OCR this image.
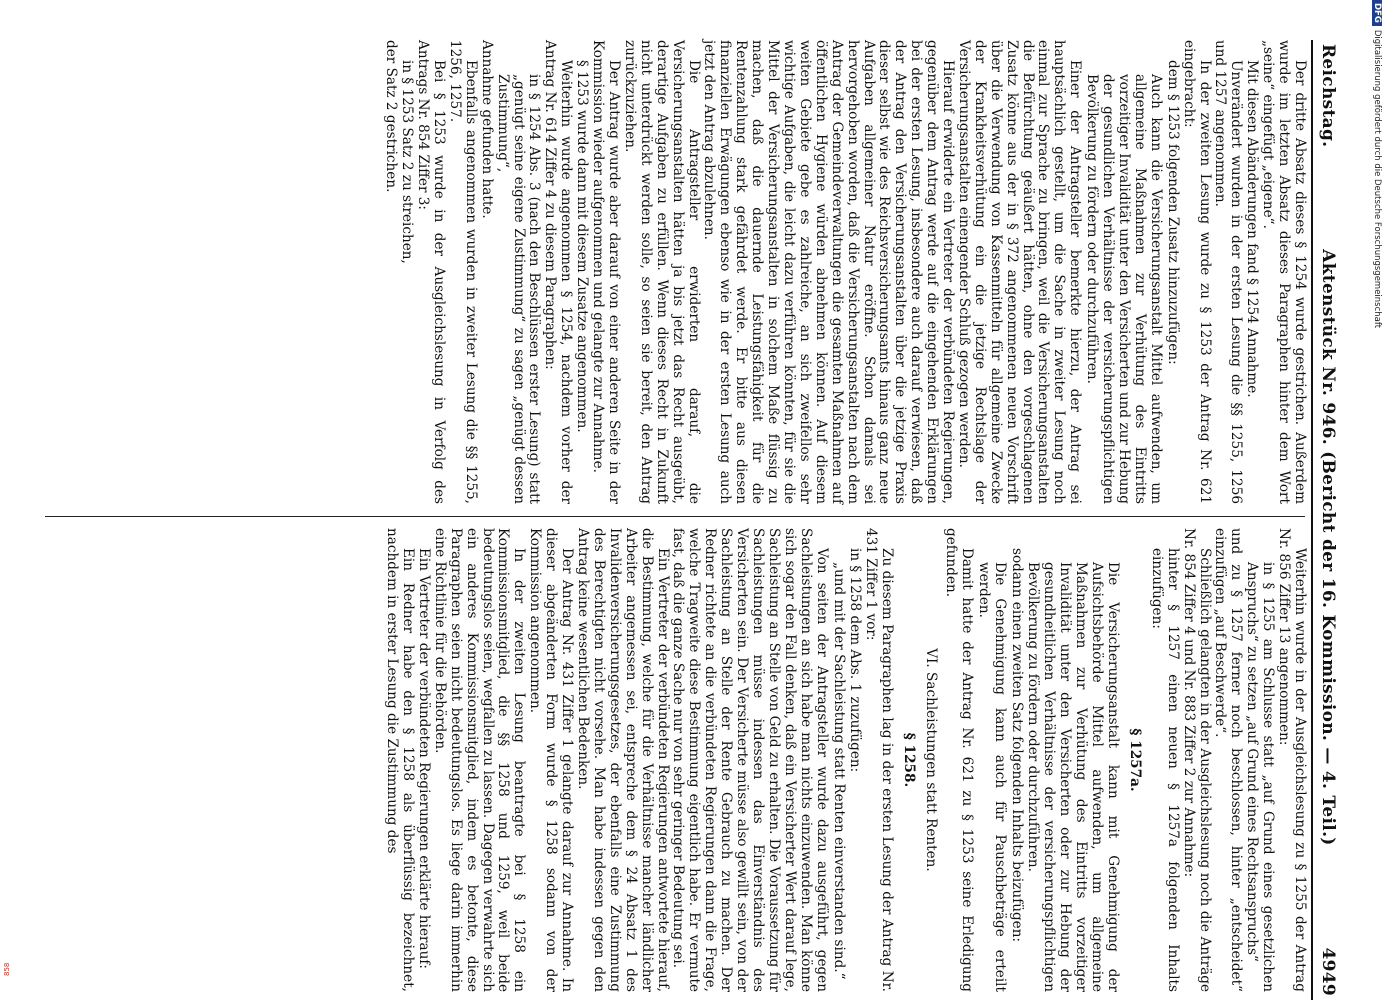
Reichstag.
Aktenstück Nr. 946. (Bericht der 16. Kommission. — 4. Teil.)
4949

Der dritte Absatz dieses § 1254 wurde gestrichen. Außerdem wurde im letzten Absatz dieses Paragraphen hinter dem Wort „seine“ eingefügt „eigene“.

Mit diesen Abänderungen fand § 1254 Annahme.

Unverändert wurden in der ersten Lesung die §§ 1255, 1256 und 1257 angenommen.

In der zweiten Lesung wurde zu § 1253 der Antrag Nr. 621 eingebracht:

dem § 1253 folgenden Zusatz hinzuzufügen:

Auch kann die Versicherungsanstalt Mittel aufwenden, um allgemeine Maßnahmen zur Verhütung des Eintritts vorzeitiger Invalidität unter den Versicherten und zur Hebung der gesundlichen Verhältnisse der versicherungspflichtigen Bevölkerung zu fördern oder durchzuführen.

Einer der Antragsteller bemerkte hierzu, der Antrag sei hauptsächlich gestellt, um die Sache in zweiter Lesung noch einmal zur Sprache zu bringen, weil die Versicherungsanstalten die Befürchtung geäußert hätten, ohne den vorgeschlagenen Zusatz könne aus der in § 372 angenommenen neuen Vorschrift über die Verwendung von Kassenmitteln für allgemeine Zwecke der Krankheitsverhütung ein die jetzige Rechtslage der Versicherungsanstalten einengender Schluß gezogen werden.

Hierauf erwiderte ein Vertreter der verbündeten Regierungen, gegenüber dem Antrag werde auf die eingehenden Erklärungen bei der ersten Lesung, insbesondere auch darauf verwiesen, daß der Antrag den Versicherungsanstalten über die jetzige Praxis dieser selbst wie des Reichsversicherungsamts hinaus ganz neue Aufgaben allgemeiner Natur eröffne. Schon damals sei hervorgehoben worden, daß die Versicherungsanstalten nach dem Antrag der Gemeindeverwaltungen die gesamten Maßnahmen auf öffentlichen Hygiene würden abnehmen können. Auf diesem weiten Gebiete gebe es zahlreiche, an sich zweifellos sehr wichtige Aufgaben, die leicht dazu verführen könnten, für sie die Mittel der Versicherungsanstalten in solchem Maße flüssig zu machen, daß die dauernde Leistungsfähigkeit für die Rentenzahlung stark gefährdet werde. Er bitte aus diesen finanziellen Erwägungen ebenso wie in der ersten Lesung auch jetzt den Antrag abzulehnen.

Die Antragsteller erwiderten darauf, die Versicherungsanstalten hätten ja bis jetzt das Recht ausgeübt, derartige Aufgaben zu erfüllen. Wenn dieses Recht in Zukunft nicht unterdrückt werden solle, so seien sie bereit, den Antrag zurückzuziehen.

Der Antrag wurde aber darauf von einer anderen Seite in der Kommission wieder aufgenommen und gelangte zur Annahme.

§ 1253 wurde dann mit diesem Zusatze angenommen.

Weiterhin wurde angenommen § 1254, nachdem vorher der Antrag Nr. 614 Ziffer 4 zu diesem Paragraphen:

in § 1254 Abs. 3 (nach den Beschlüssen erster Lesung) statt „genügt seine eigene Zustimmung“ zu sagen „genügt dessen Zustimmung“,

Annahme gefunden hatte.

Ebenfalls angenommen wurden in zweiter Lesung die §§ 1255, 1256, 1257.

Bei § 1253 wurde in der Ausgleichslesung in Verfolg des Antrags Nr. 854 Ziffer 3:

in § 1253 Satz 2 zu streichen,

der Satz 2 gestrichen.

Weiterhin wurde in der Ausgleichslesung zu § 1255 der Antrag Nr. 856 Ziffer 13 angenommen:

in § 1255 am Schlusse statt „auf Grund eines gesetzlichen Anspruchs“ zu setzen „auf Grund eines Rechtsanspruchs“

und zu § 1257 ferner noch beschlossen, hinter „entscheidet“ einzufügen „auf Beschwerde“.

Schließlich gelangten in der Ausgleichslesung noch die Anträge Nr. 854 Ziffer 4 und Nr. 883 Ziffer 2 zur Annahme:

hinter § 1257 einen neuen § 1257a folgenden Inhalts einzufügen:

§ 1257a.

Die Versicherungsanstalt kann mit Genehmigung der Aufsichtsbehörde Mittel aufwenden, um allgemeine Maßnahmen zur Verhütung des Eintritts vorzeitiger Invalidität unter den Versicherten oder zur Hebung der gesundheitlichen Verhältnisse der versicherungspflichtigen Bevölkerung zu fördern oder durchzuführen.

sodann einen zweiten Satz folgenden Inhalts beizufügen:

Die Genehmigung kann auch für Pauschbeträge erteilt werden.

Damit hatte der Antrag Nr. 621 zu § 1253 seine Erledigung gefunden.

VI. Sachleistungen statt Renten.

§ 1258.

Zu diesem Paragraphen lag in der ersten Lesung der Antrag Nr. 431 Ziffer 1 vor:

in § 1258 dem Abs. 1 zuzufügen:

„und mit der Sachleistung statt Renten einverstanden sind.“

Von seiten der Antragsteller wurde dazu ausgeführt, gegen Sachleistungen an sich habe man nichts einzuwenden. Man könne sich sogar den Fall denken, daß ein Versicherter Wert darauf lege, Sachleistung an Stelle von Geld zu erhalten. Die Voraussetzung für Sachleistungen müsse indessen das Einverständnis des Versicherten sein. Der Versicherte müsse also gewillt sein, von der Sachleistung an Stelle der Rente Gebrauch zu machen. Der Redner richtete an die verbündeten Regierungen dann die Frage, welche Tragweite diese Bestimmung eigentlich habe. Er vermute fast, daß die ganze Sache nur von sehr geringer Bedeutung sei.

Ein Vertreter der verbündeten Regierungen antwortete hierauf, die Bestimmung, welche für die Verhältnisse mancher ländlicher Arbeiter angemessen sei, entspreche dem § 24 Absatz 1 des Invalidenversicherungsgesetzes, der ebenfalls eine Zustimmung des Berechtigten nicht vorsehe. Man habe indessen gegen den Antrag keine wesentlichen Bedenken.

Der Antrag Nr. 431 Ziffer 1 gelangte darauf zur Annahme. In dieser abgeänderten Form wurde § 1258 sodann von der Kommission angenommen.

In der zweiten Lesung beantragte bei § 1258 ein Kommissionsmitglied, die §§ 1258 und 1259, weil beide bedeutungslos seien, wegfallen zu lassen. Dagegen verwahrte sich ein anderes Kommissionsmitglied, indem es betonte, diese Paragraphen seien nicht bedeutungslos. Es liege darin immerhin eine Richtlinie für die Behörden.

Ein Vertreter der verbündeten Regierungen erklärte hierauf:

Ein Redner habe den § 1258 als überflüssig bezeichnet, nachdem in erster Lesung die Zustimmung des

DFGDigitalisierung gefördert durch die Deutsche Forschungsgemeinschaft
858
